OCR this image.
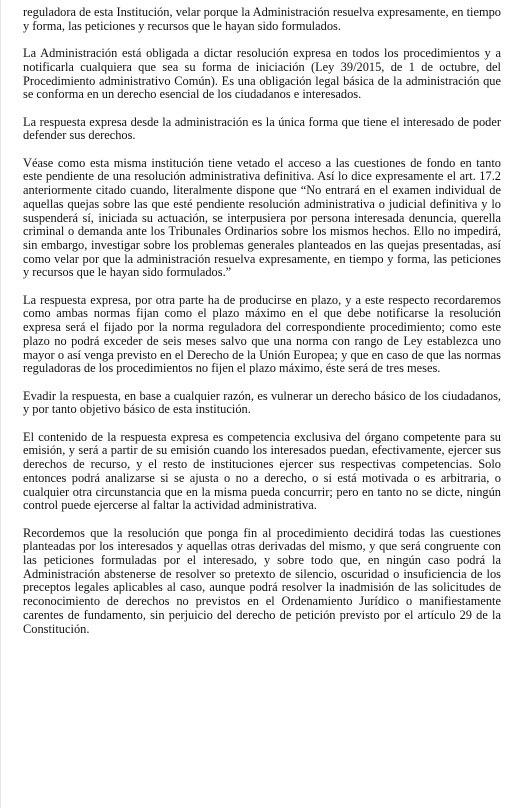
reguladora de esta Institución, velar porque la Administración resuelva expresamente, en tiempo y forma, las peticiones y recursos que le hayan sido formulados.

La Administración está obligada a dictar resolución expresa en todos los procedimientos y a notificarla cualquiera que sea su forma de iniciación (Ley 39/2015, de 1 de octubre, del Procedimiento administrativo Común). Es una obligación legal básica de la administración que se conforma en un derecho esencial de los ciudadanos e interesados.

La respuesta expresa desde la administración es la única forma que tiene el interesado de poder defender sus derechos.

Véase como esta misma institución tiene vetado el acceso a las cuestiones de fondo en tanto este pendiente de una resolución administrativa definitiva. Así lo dice expresamente el art. 17.2 anteriormente citado cuando, literalmente dispone que “No entrará en el examen individual de aquellas quejas sobre las que esté pendiente resolución administrativa o judicial definitiva y lo suspenderá sí, iniciada su actuación, se interpusiera por persona interesada denuncia, querella criminal o demanda ante los Tribunales Ordinarios sobre los mismos hechos. Ello no impedirá, sin embargo, investigar sobre los problemas generales planteados en las quejas presentadas, así como velar por que la administración resuelva expresamente, en tiempo y forma, las peticiones y recursos que le hayan sido formulados.”

La respuesta expresa, por otra parte ha de producirse en plazo, y a este respecto recordaremos como ambas normas fijan como el plazo máximo en el que debe notificarse la resolución expresa será el fijado por la norma reguladora del correspondiente procedimiento; como este plazo no podrá exceder de seis meses salvo que una norma con rango de Ley establezca uno mayor o así venga previsto en el Derecho de la Unión Europea; y que en caso de que las normas reguladoras de los procedimientos no fijen el plazo máximo, éste será de tres meses.

Evadir la respuesta, en base a cualquier razón, es vulnerar un derecho básico de los ciudadanos, y por tanto objetivo básico de esta institución.

El contenido de la respuesta expresa es competencia exclusiva del órgano competente para su emisión, y será a partir de su emisión cuando los interesados puedan, efectivamente, ejercer sus derechos de recurso, y el resto de instituciones ejercer sus respectivas competencias. Solo entonces podrá analizarse si se ajusta o no a derecho, o si está motivada o es arbitraria, o cualquier otra circunstancia que en la misma pueda concurrir; pero en tanto no se dicte, ningún control puede ejercerse al faltar la actividad administrativa.

Recordemos que la resolución que ponga fin al procedimiento decidirá todas las cuestiones planteadas por los interesados y aquellas otras derivadas del mismo, y que será congruente con las peticiones formuladas por el interesado, y sobre todo que, en ningún caso podrá la Administración abstenerse de resolver so pretexto de silencio, oscuridad o insuficiencia de los preceptos legales aplicables al caso, aunque podrá resolver la inadmisión de las solicitudes de reconocimiento de derechos no previstos en el Ordenamiento Jurídico o manifiestamente carentes de fundamento, sin perjuicio del derecho de petición previsto por el artículo 29 de la Constitución.
